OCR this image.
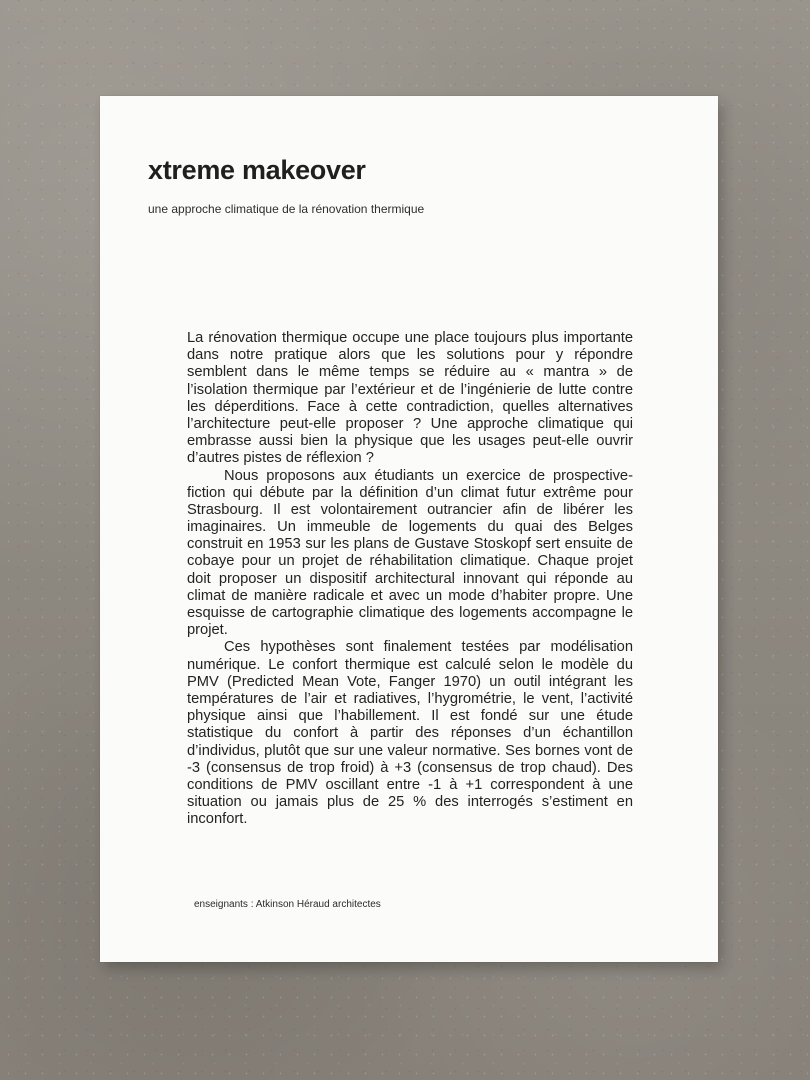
xtreme makeover
une approche climatique de la rénovation thermique

La rénovation thermique occupe une place toujours plus importante dans notre pratique alors que les solutions pour y répondre semblent dans le même temps se réduire au « mantra » de l’isolation thermique par l’extérieur et de l’ingénierie de lutte contre les déperditions. Face à cette contradiction, quelles alternatives l’architecture peut-elle proposer ? Une approche climatique qui embrasse aussi bien la physique que les usages peut-elle ouvrir d’autres pistes de réflexion ?

Nous proposons aux étudiants un exercice de prospective-fiction qui débute par la définition d’un climat futur extrême pour Strasbourg. Il est volontairement outrancier afin de libérer les imaginaires. Un immeuble de logements du quai des Belges construit en 1953 sur les plans de Gustave Stoskopf sert ensuite de cobaye pour un projet de réhabilitation climatique. Chaque projet doit proposer un dispositif architectural innovant qui réponde au climat de manière radicale et avec un mode d’habiter propre. Une esquisse de cartographie climatique des logements accompagne le projet.

Ces hypothèses sont finalement testées par modélisation numérique. Le confort thermique est calculé selon le modèle du PMV (Predicted Mean Vote, Fanger 1970) un outil intégrant les températures de l’air et radiatives, l’hygrométrie, le vent, l’activité physique ainsi que l’habillement. Il est fondé sur une étude statistique du confort à partir des réponses d’un échantillon d’individus, plutôt que sur une valeur normative. Ses bornes vont de -3 (consensus de trop froid) à +3 (consensus de trop chaud). Des conditions de PMV oscillant entre -1 à +1 correspondent à une situation ou jamais plus de 25 % des interrogés s’estiment en inconfort.

enseignants : Atkinson Héraud architectes
